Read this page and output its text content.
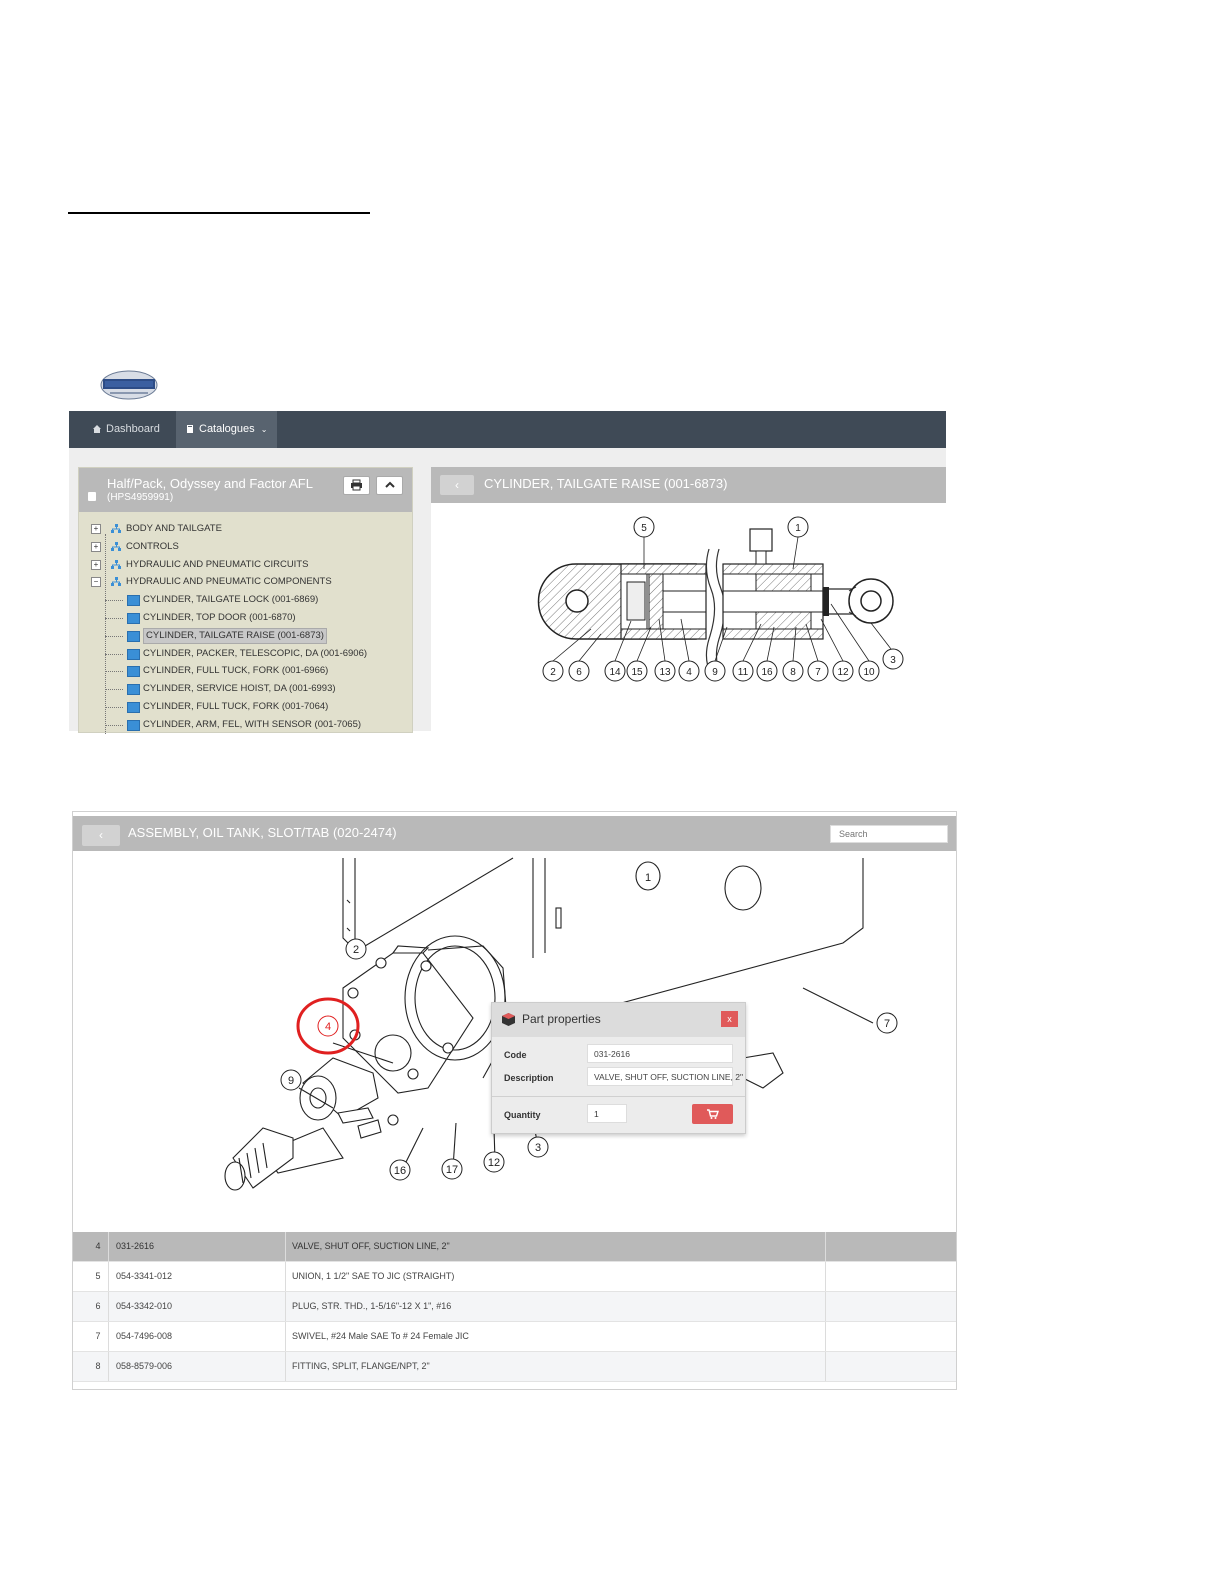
Dashboard	Catalogues ⌄
Half/Pack, Odyssey and Factor AFL
(HPS4959991)
+	BODY AND TAILGATE
+	CONTROLS
+	HYDRAULIC AND PNEUMATIC CIRCUITS
−	HYDRAULIC AND PNEUMATIC COMPONENTS
CYLINDER, TAILGATE LOCK (001-6869)
CYLINDER, TOP DOOR (001-6870)
CYLINDER, TAILGATE RAISE (001-6873)
CYLINDER, PACKER, TELESCOPIC, DA (001-6906)
CYLINDER, FULL TUCK, FORK (001-6966)
CYLINDER, SERVICE HOIST, DA (001-6993)
CYLINDER, FULL TUCK, FORK (001-7064)
CYLINDER, ARM, FEL, WITH SENSOR (001-7065)
‹	CYLINDER, TAILGATE RAISE (001-6873)
5	1
2 6	14 15 13 4 9 11 16 8 7 12 10
3
‹	ASSEMBLY, OIL TANK, SLOT/TAB (020-2474)
Search
1
2
4
9
16	17
12
3
7
Part properties	x
Code	031-2616
Description	VALVE, SHUT OFF, SUCTION LINE, 2"
Quantity	1
4	031-2616	VALVE, SHUT OFF, SUCTION LINE, 2"
5	054-3341-012	UNION, 1 1/2" SAE TO JIC (STRAIGHT)
6	054-3342-010	PLUG, STR. THD., 1-5/16"-12 X 1", #16
7	054-7496-008	SWIVEL, #24 Male SAE To # 24 Female JIC
8	058-8579-006	FITTING, SPLIT, FLANGE/NPT, 2"
